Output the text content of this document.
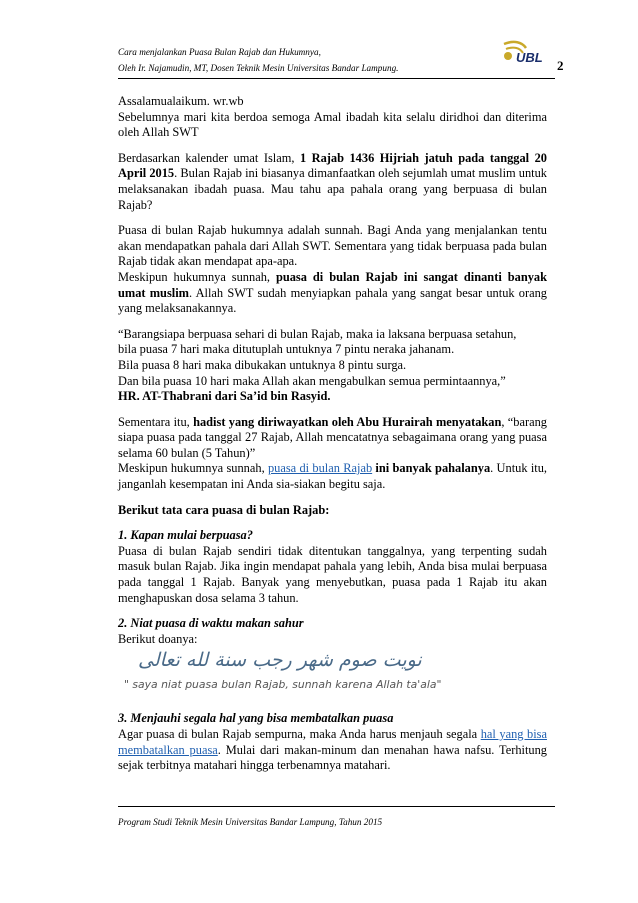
Cara menjalankan Puasa Bulan Rajab dan Hukumnya,
Oleh Ir. Najamudin, MT, Dosen Teknik Mesin Universitas Bandar Lampung.
UBL
2

Assalamualaikum. wr.wb
Sebelumnya mari kita berdoa semoga Amal ibadah kita selalu diridhoi dan diterima oleh Allah SWT

Berdasarkan kalender umat Islam, 1 Rajab 1436 Hijriah jatuh pada tanggal 20 April 2015. Bulan Rajab ini biasanya dimanfaatkan oleh sejumlah umat muslim untuk melaksanakan ibadah puasa. Mau tahu apa pahala orang yang berpuasa di bulan Rajab?

Puasa di bulan Rajab hukumnya adalah sunnah. Bagi Anda yang menjalankan tentu akan mendapatkan pahala dari Allah SWT. Sementara yang tidak berpuasa pada bulan Rajab tidak akan mendapat apa-apa.
Meskipun hukumnya sunnah, puasa di bulan Rajab ini sangat dinanti banyak umat muslim. Allah SWT sudah menyiapkan pahala yang sangat besar untuk orang yang melaksanakannya.

“Barangsiapa berpuasa sehari di bulan Rajab, maka ia laksana berpuasa setahun,
bila puasa 7 hari maka ditutuplah untuknya 7 pintu neraka jahanam.
Bila puasa 8 hari maka dibukakan untuknya 8 pintu surga.
Dan bila puasa 10 hari maka Allah akan mengabulkan semua permintaannya,”
HR. AT-Thabrani dari Sa’id bin Rasyid.

Sementara itu, hadist yang diriwayatkan oleh Abu Hurairah menyatakan, “barang siapa puasa pada tanggal 27 Rajab, Allah mencatatnya sebagaimana orang yang puasa selama 60 bulan (5 Tahun)”
Meskipun hukumnya sunnah, puasa di bulan Rajab ini banyak pahalanya. Untuk itu, janganlah kesempatan ini Anda sia-siakan begitu saja.

Berikut tata cara puasa di bulan Rajab:

1. Kapan mulai berpuasa?
Puasa di bulan Rajab sendiri tidak ditentukan tanggalnya, yang terpenting sudah masuk bulan Rajab. Jika ingin mendapat pahala yang lebih, Anda bisa mulai berpuasa pada tanggal 1 Rajab. Banyak yang menyebutkan, puasa pada 1 Rajab itu akan menghapuskan dosa selama 3 tahun.

2. Niat puasa di waktu makan sahur
Berikut doanya:

نويت صوم شهر رجب سنة لله تعالى
" saya niat puasa bulan Rajab, sunnah karena Allah ta'ala"

3. Menjauhi segala hal yang bisa membatalkan puasa
Agar puasa di bulan Rajab sempurna, maka Anda harus menjauh segala hal yang bisa membatalkan puasa. Mulai dari makan-minum dan menahan hawa nafsu. Terhitung sejak terbitnya matahari hingga terbenamnya matahari.

Program Studi Teknik Mesin Universitas Bandar Lampung, Tahun 2015
